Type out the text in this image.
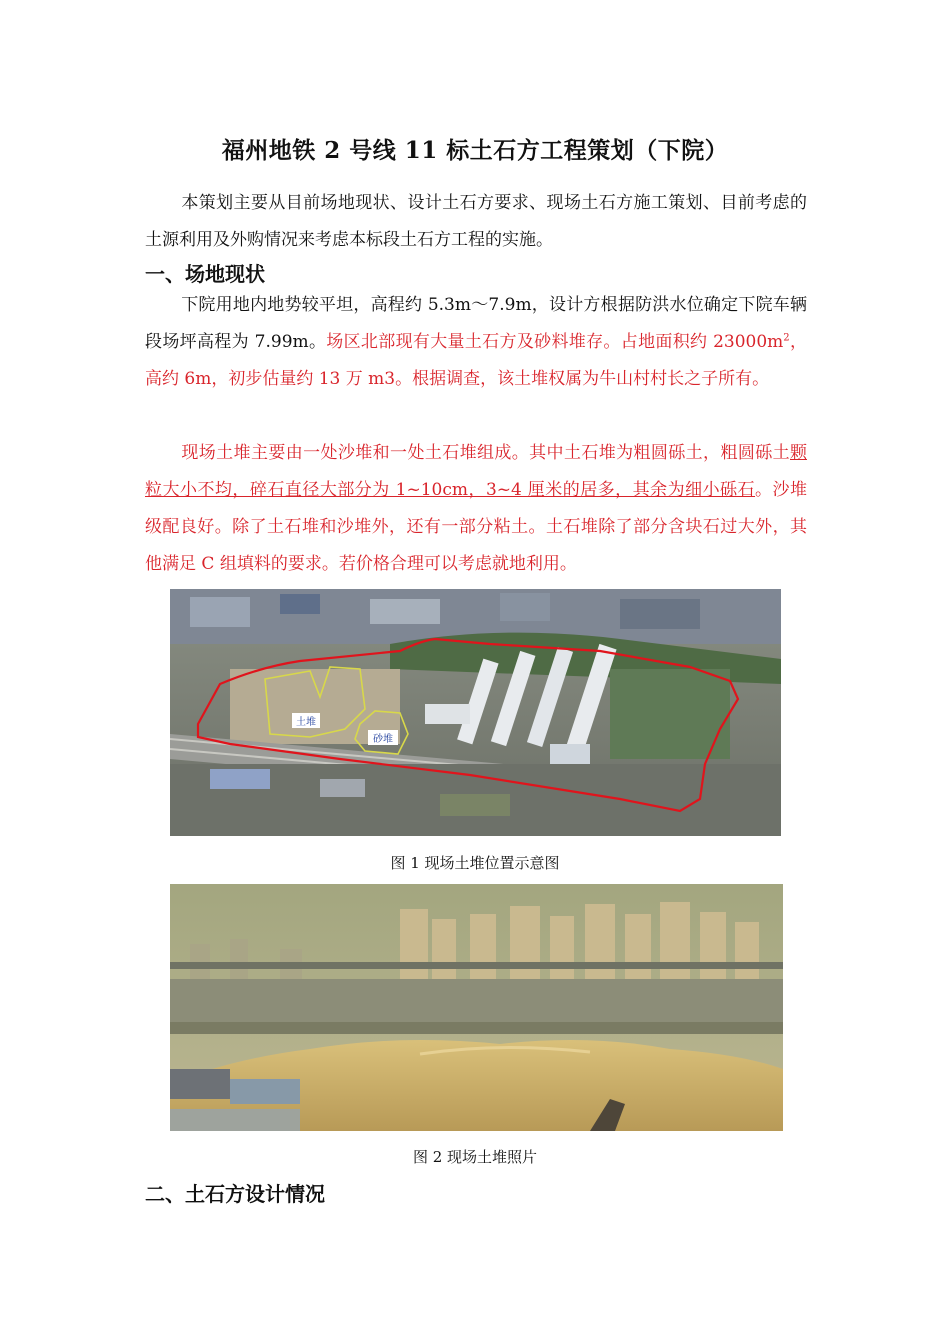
福州地铁 2 号线 11 标土石方工程策划（下院）

本策划主要从目前场地现状、设计土石方要求、现场土石方施工策划、目前考虑的土源利用及外购情况来考虑本标段土石方工程的实施。

一、场地现状

下院用地内地势较平坦，高程约 5.3m～7.9m，设计方根据防洪水位确定下院车辆段场坪高程为 7.99m。场区北部现有大量土石方及砂料堆存。占地面积约 $23000m^2$，高约 6m，初步估量约 13 万 m3。根据调查，该土堆权属为牛山村村长之子所有。

现场土堆主要由一处沙堆和一处土石堆组成。其中土石堆为粗圆砾土，粗圆砾土颗粒大小不均，碎石直径大部分为 1~10cm，3~4 厘米的居多，其余为细小砾石。沙堆级配良好。除了土石堆和沙堆外，还有一部分粘土。土石堆除了部分含块石过大外，其他满足 C 组填料的要求。若价格合理可以考虑就地利用。

土堆
砂堆
图 1 现场土堆位置示意图
图 2 现场土堆照片
二、土石方设计情况
